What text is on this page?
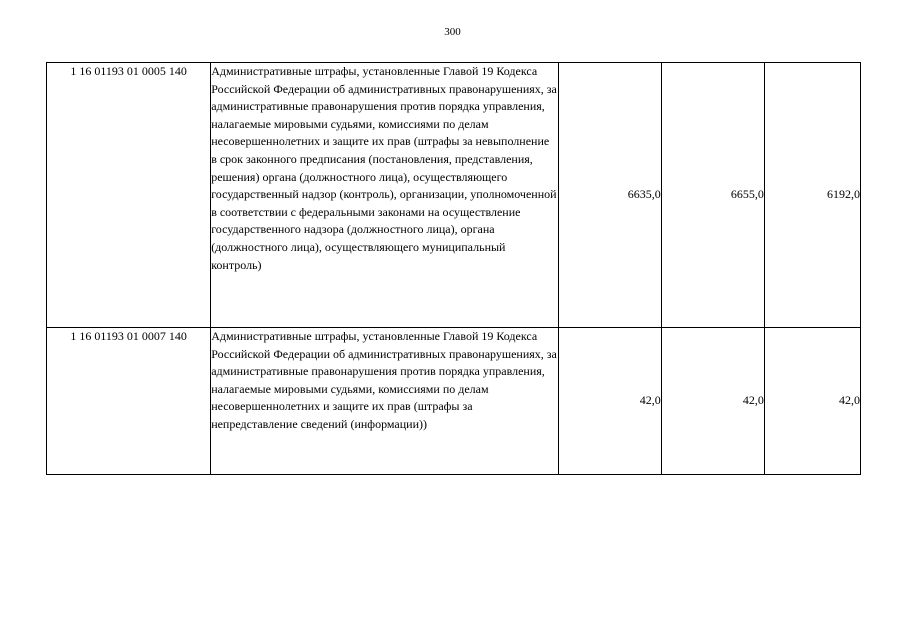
300
1 16 01193 01 0005 140	Административные штрафы, установленные Главой 19 Кодекса Российской Федерации об административных правонарушениях, за административные правонарушения против порядка управления, налагаемые мировыми судьями, комиссиями по делам несовершеннолетних и защите их прав (штрафы за невыполнение в срок законного предписания (постановления, представления, решения) органа (должностного лица), осуществляющего государственный надзор (контроль), организации, уполномоченной в соответствии с федеральными законами на осуществление государственного надзора (должностного лица), органа (должностного лица), осуществляющего муниципальный контроль)	6635,0	6655,0	6192,0
1 16 01193 01 0007 140	Административные штрафы, установленные Главой 19 Кодекса Российской Федерации об административных правонарушениях, за административные правонарушения против порядка управления, налагаемые мировыми судьями, комиссиями по делам несовершеннолетних и защите их прав (штрафы за непредставление сведений (информации))	42,0	42,0	42,0
